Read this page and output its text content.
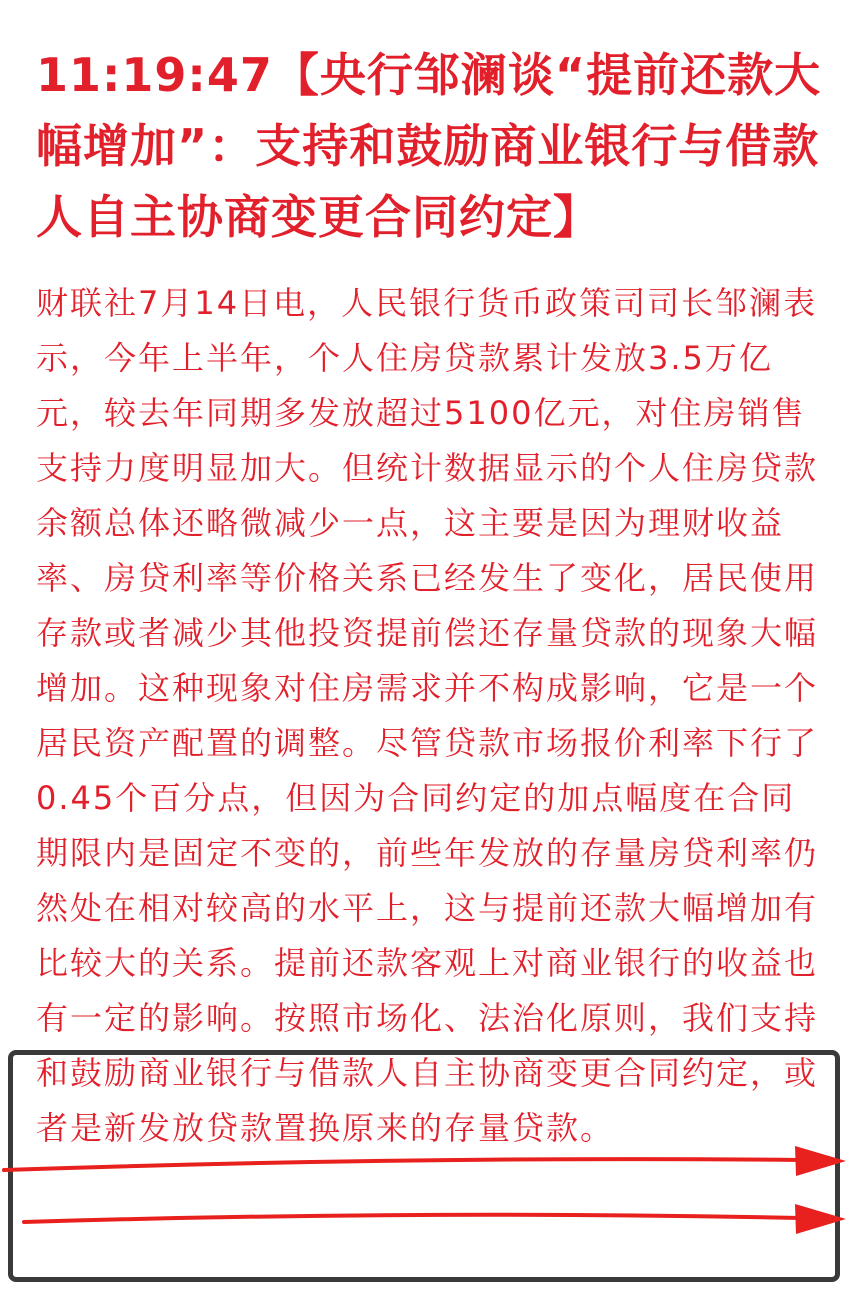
11:19:47【央行邹澜谈“提前还款大幅增加”：支持和鼓励商业银行与借款人自主协商变更合同约定】

财联社7月14日电，人民银行货币政策司司长邹澜表示，今年上半年，个人住房贷款累计发放3.5万亿元，较去年同期多发放超过5100亿元，对住房销售支持力度明显加大。但统计数据显示的个人住房贷款余额总体还略微减少一点，这主要是因为理财收益率、房贷利率等价格关系已经发生了变化，居民使用存款或者减少其他投资提前偿还存量贷款的现象大幅增加。这种现象对住房需求并不构成影响，它是一个居民资产配置的调整。尽管贷款市场报价利率下行了0.45个百分点，但因为合同约定的加点幅度在合同期限内是固定不变的，前些年发放的存量房贷利率仍然处在相对较高的水平上，这与提前还款大幅增加有比较大的关系。提前还款客观上对商业银行的收益也有一定的影响。按照市场化、法治化原则，我们支持和鼓励商业银行与借款人自主协商变更合同约定，或者是新发放贷款置换原来的存量贷款。
